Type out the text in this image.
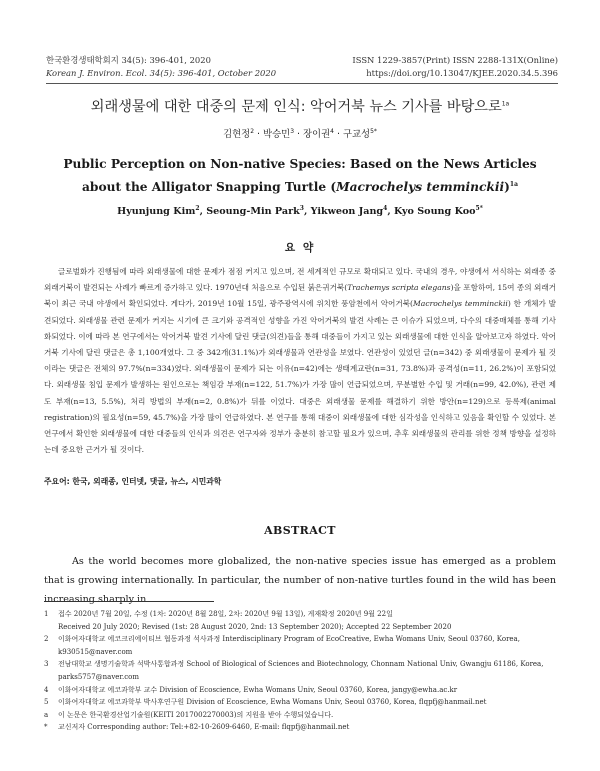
한국환경생태학회지 34(5): 396-401, 2020
Korean J. Environ. Ecol. 34(5): 396-401, October 2020
ISSN 1229-3857(Print) ISSN 2288-131X(Online)
https://doi.org/10.13047/KJEE.2020.34.5.396
외래생물에 대한 대중의 문제 인식: 악어거북 뉴스 기사를 바탕으로$^{1a}$
김현정$^2$ · 박승민$^3$ · 장이권$^4$ · 구교성$^{5*}$
Public Perception on Non-native Species: Based on the News Articles about the Alligator Snapping Turtle (Macrochelys temminckii)$^{1a}$
Hyunjung Kim$^2$, Seoung-Min Park$^3$, Yikweon Jang$^4$, Kyo Soung Koo$^{5*}$
요 약
글로벌화가 진행됨에 따라 외래생물에 대한 문제가 점점 커지고 있으며, 전 세계적인 규모로 확대되고 있다. 국내의 경우, 야생에서 서식하는 외래종 중 외래거북이 발견되는 사례가 빠르게 증가하고 있다. 1970년대 처음으로 수입된 붉은귀거북(Trachemys scripta elegans)을 포함하여, 15여 종의 외래거북이 최근 국내 야생에서 확인되었다. 게다가, 2019년 10월 15일, 광주광역시에 위치한 풍암천에서 악어거북(Macrochelys temminckii) 한 개체가 발견되었다. 외래생물 관련 문제가 커지는 시기에 큰 크기와 공격적인 성향을 가진 악어거북의 발견 사례는 큰 이슈가 되었으며, 다수의 대중매체를 통해 기사화되었다. 이에 따라 본 연구에서는 악어거북 발견 기사에 달린 댓글(의견)들을 통해 대중들이 가지고 있는 외래생물에 대한 인식을 알아보고자 하였다. 악어거북 기사에 달린 댓글은 총 1,100개였다. 그 중 342개(31.1%)가 외래생물과 연관성을 보였다. 연관성이 있었던 글(n=342) 중 외래생물이 문제가 될 것이라는 댓글은 전체의 97.7%(n=334)였다. 외래생물이 문제가 되는 이유(n=42)에는 생태계교란(n=31, 73.8%)과 공격성(n=11, 26.2%)이 포함되었다. 외래생물 침입 문제가 발생하는 원인으로는 책임감 부재(n=122, 51.7%)가 가장 많이 언급되었으며, 무분별한 수입 및 거래(n=99, 42.0%), 관련 제도 부재(n=13, 5.5%), 처리 방법의 부재(n=2, 0.8%)가 뒤를 이었다. 대중은 외래생물 문제를 해결하기 위한 방안(n=129)으로 등록제(animal registration)의 필요성(n=59, 45.7%)을 가장 많이 언급하였다. 본 연구를 통해 대중이 외래생물에 대한 심각성을 인식하고 있음을 확인할 수 있었다. 본 연구에서 확인한 외래생물에 대한 대중들의 인식과 의견은 연구자와 정부가 충분히 참고할 필요가 있으며, 추후 외래생물의 관리를 위한 정책 방향을 설정하는데 중요한 근거가 될 것이다.
주요어: 한국, 외래종, 인터넷, 댓글, 뉴스, 시민과학
ABSTRACT
As the world becomes more globalized, the non-native species issue has emerged as a problem that is growing internationally. In particular, the number of non-native turtles found in the wild has been increasing sharply in
1	접수 2020년 7월 20일, 수정 (1차: 2020년 8월 28일, 2차: 2020년 9월 13일), 게재확정 2020년 9월 22일
Received 20 July 2020; Revised (1st: 28 August 2020, 2nd: 13 September 2020); Accepted 22 September 2020
2	이화여자대학교 에코크리에이티브 협동과정 석사과정 Interdisciplinary Program of EcoCreative, Ewha Womans Univ, Seoul 03760, Korea, k930515@naver.com
3	전남대학교 생명기술학과 석박사통합과정 School of Biological of Sciences and Biotechnology, Chonnam National Univ, Gwangju 61186, Korea, parks5757@naver.com
4	이화여자대학교 에코과학부 교수 Division of Ecoscience, Ewha Womans Univ, Seoul 03760, Korea, jangy@ewha.ac.kr
5	이화여자대학교 에코과학부 박사후연구원 Division of Ecoscience, Ewha Womans Univ, Seoul 03760, Korea, flqpfj@hanmail.net
a	이 논문은 한국환경산업기술원(KEITI 2017002270003)의 지원을 받아 수행되었습니다.
*	교신저자 Corresponding author: Tel:+82-10-2609-6460, E-mail: flqpfj@hanmail.net
